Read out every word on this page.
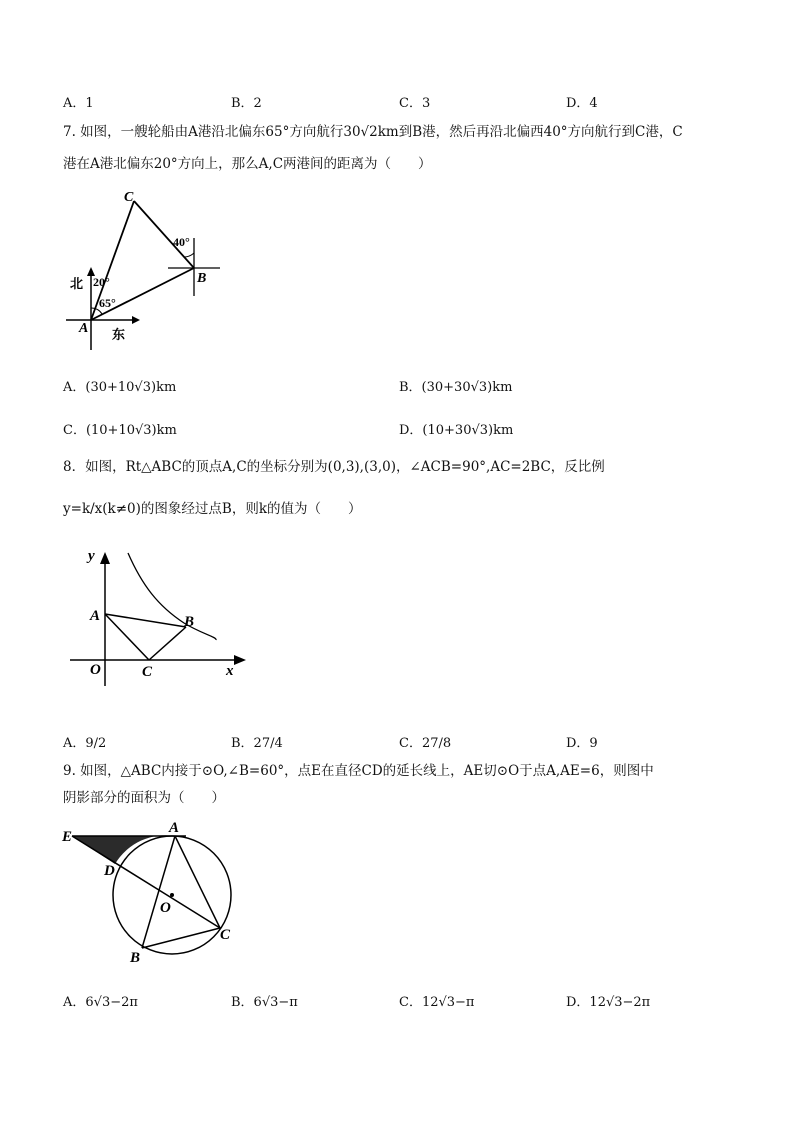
A．1	B．2	C．3	D．4
7. 如图，一艘轮船由A港沿北偏东65°方向航行30√2km到B港，然后再沿北偏西40°方向航行到C港，C
港在A港北偏东20°方向上，那么A,C两港间的距离为（　　）
C
B
A
北
东
40°
20°
65°
A．(30+10√3)km	B．(30+30√3)km
C．(10+10√3)km	D．(10+30√3)km
8．如图，Rt△ABC的顶点A,C的坐标分别为(0,3),(3,0)，∠ACB=90°,AC=2BC，反比例
y=k/x(k≠0)的图象经过点B，则k的值为（　　）
y
x
O
A	B
C
A．9/2	B．27/4	C．27/8	D．9
9. 如图，△ABC内接于⊙O,∠B=60°，点E在直径CD的延长线上，AE切⊙O于点A,AE=6，则图中
阴影部分的面积为（　　）
E
A
D
O
B
C
A．6√3−2π	B．6√3−π	C．12√3−π	D．12√3−2π
